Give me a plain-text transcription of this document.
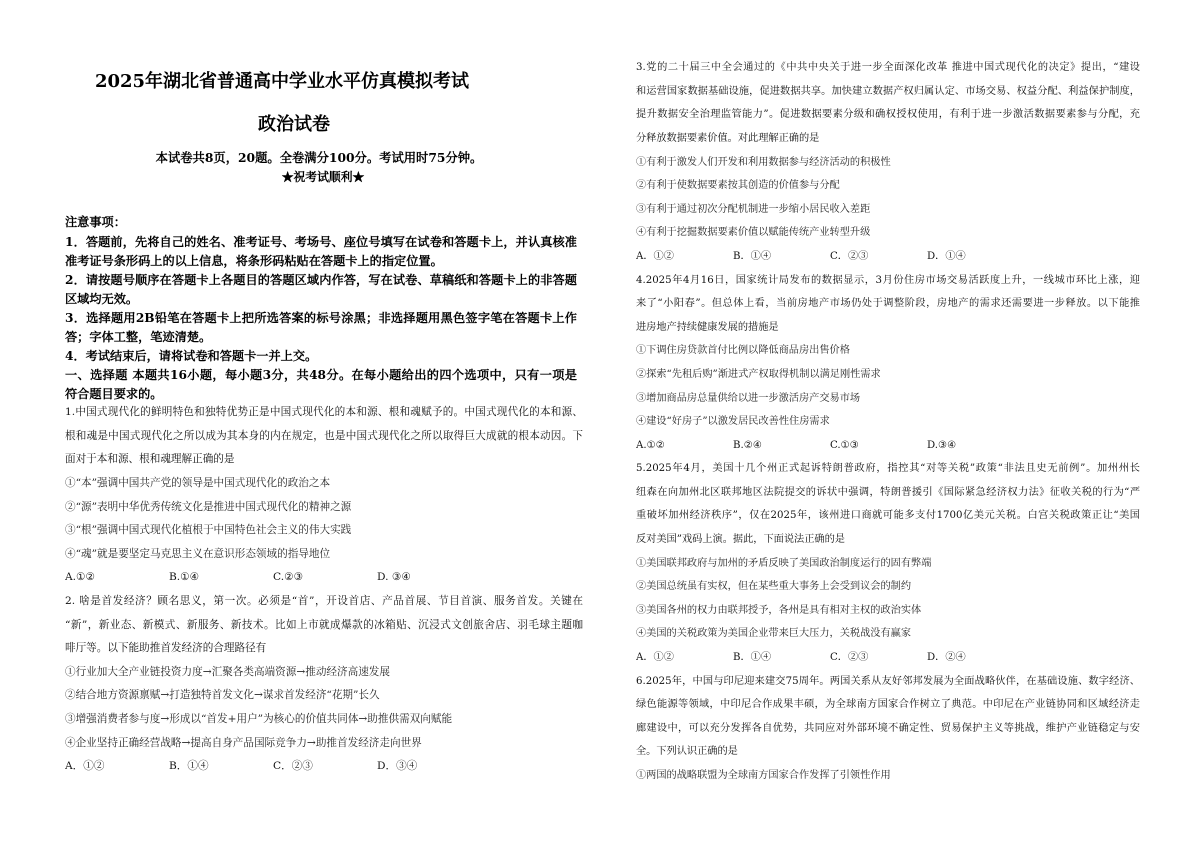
2025年湖北省普通高中学业水平仿真模拟考试
政治试卷
本试卷共8页，20题。全卷满分100分。考试用时75分钟。
★祝考试顺利★
注意事项：
1．答题前，先将自己的姓名、准考证号、考场号、座位号填写在试卷和答题卡上，并认真核准
准考证号条形码上的以上信息，将条形码粘贴在答题卡上的指定位置。
2．请按题号顺序在答题卡上各题目的答题区域内作答，写在试卷、草稿纸和答题卡上的非答题
区域均无效。
3．选择题用2B铅笔在答题卡上把所选答案的标号涂黑；非选择题用黑色签字笔在答题卡上作
答；字体工整，笔迹清楚。
4．考试结束后，请将试卷和答题卡一并上交。
一、选择题 本题共16小题，每小题3分，共48分。在每小题给出的四个选项中，只有一项是
符合题目要求的。
1.中国式现代化的鲜明特色和独特优势正是中国式现代化的本和源、根和魂赋予的。中国式现代化的本和源、
根和魂是中国式现代化之所以成为其本身的内在规定，也是中国式现代化之所以取得巨大成就的根本动因。下
面对于本和源、根和魂理解正确的是
①“本”强调中国共产党的领导是中国式现代化的政治之本
②“源”表明中华优秀传统文化是推进中国式现代化的精神之源
③“根”强调中国式现代化植根于中国特色社会主义的伟大实践
④“魂”就是要坚定马克思主义在意识形态领域的指导地位
A.①②	B.①④	C.②③	D. ③④
2. 啥是首发经济？顾名思义，第一次。必须是“首”，开设首店、产品首展、节目首演、服务首发。关键在
“新”，新业态、新模式、新服务、新技术。比如上市就成爆款的冰箱贴、沉浸式文创旅舍店、羽毛球主题咖
啡厅等。以下能助推首发经济的合理路径有
①行业加大全产业链投资力度→汇聚各类高端资源→推动经济高速发展
②结合地方资源禀赋→打造独特首发文化→谋求首发经济“花期”长久
③增强消费者参与度→形成以“首发+用户”为核心的价值共同体→助推供需双向赋能
④企业坚持正确经营战略→提高自身产品国际竞争力→助推首发经济走向世界
A．①②	B．①④	C．②③	D．③④
3.党的二十届三中全会通过的《中共中央关于进一步全面深化改革 推进中国式现代化的决定》提出，“建设
和运营国家数据基础设施，促进数据共享。加快建立数据产权归属认定、市场交易、权益分配、利益保护制度，
提升数据安全治理监管能力”。促进数据要素分级和确权授权使用，有利于进一步激活数据要素参与分配，充
分释放数据要素价值。对此理解正确的是
①有利于激发人们开发和利用数据参与经济活动的积极性
②有利于使数据要素按其创造的价值参与分配
③有利于通过初次分配机制进一步缩小居民收入差距
④有利于挖掘数据要素价值以赋能传统产业转型升级
A．①②	B．①④	C．②③	D．①④
4.2025年4月16日，国家统计局发布的数据显示，3月份住房市场交易活跃度上升，一线城市环比上涨，迎
来了“小阳春”。但总体上看，当前房地产市场仍处于调整阶段，房地产的需求还需要进一步释放。以下能推
进房地产持续健康发展的措施是
①下调住房贷款首付比例以降低商品房出售价格
②探索“先租后购”渐进式产权取得机制以满足刚性需求
③增加商品房总量供给以进一步激活房产交易市场
④建设“好房子”以激发居民改善性住房需求
A.①②	B.②④	C.①③	D.③④
5.2025年4月，美国十几个州正式起诉特朗普政府，指控其“对等关税”政策“非法且史无前例”。加州州长
纽森在向加州北区联邦地区法院提交的诉状中强调，特朗普援引《国际紧急经济权力法》征收关税的行为“严
重破坏加州经济秩序”，仅在2025年，该州进口商就可能多支付1700亿美元关税。白宫关税政策正让“美国
反对美国”戏码上演。据此，下面说法正确的是
①美国联邦政府与加州的矛盾反映了美国政治制度运行的固有弊端
②美国总统虽有实权，但在某些重大事务上会受到议会的制约
③美国各州的权力由联邦授予，各州是具有相对主权的政治实体
④美国的关税政策为美国企业带来巨大压力，关税战没有赢家
A．①②	B．①④	C．②③	D．②④
6.2025年，中国与印尼迎来建交75周年。两国关系从友好邻邦发展为全面战略伙伴，在基础设施、数字经济、
绿色能源等领域，中印尼合作成果丰硕，为全球南方国家合作树立了典范。中印尼在产业链协同和区域经济走
廊建设中，可以充分发挥各自优势，共同应对外部环境不确定性、贸易保护主义等挑战，维护产业链稳定与安
全。下列认识正确的是
①两国的战略联盟为全球南方国家合作发挥了引领性作用
